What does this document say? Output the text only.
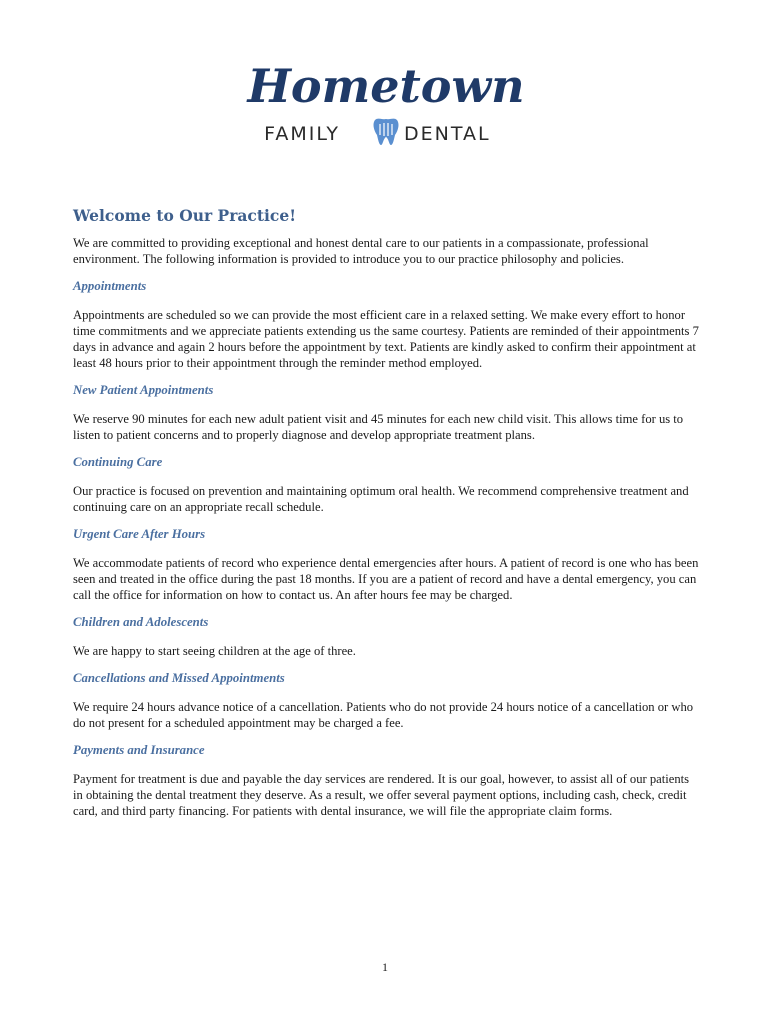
Hometown
FAMILY	DENTAL
Welcome to Our Practice!

We are committed to providing exceptional and honest dental care to our patients in a compassionate, professional environment. The following information is provided to introduce you to our practice philosophy and policies.

Appointments

Appointments are scheduled so we can provide the most efficient care in a relaxed setting. We make every effort to honor time commitments and we appreciate patients extending us the same courtesy. Patients are reminded of their appointments 7 days in advance and again 2 hours before the appointment by text. Patients are kindly asked to confirm their appointment at least 48 hours prior to their appointment through the reminder method employed.

New Patient Appointments

We reserve 90 minutes for each new adult patient visit and 45 minutes for each new child visit. This allows time for us to listen to patient concerns and to properly diagnose and develop appropriate treatment plans.

Continuing Care

Our practice is focused on prevention and maintaining optimum oral health. We recommend comprehensive treatment and continuing care on an appropriate recall schedule.

Urgent Care After Hours

We accommodate patients of record who experience dental emergencies after hours. A patient of record is one who has been seen and treated in the office during the past 18 months. If you are a patient of record and have a dental emergency, you can call the office for information on how to contact us. An after hours fee may be charged.

Children and Adolescents

We are happy to start seeing children at the age of three.

Cancellations and Missed Appointments

We require 24 hours advance notice of a cancellation. Patients who do not provide 24 hours notice of a cancellation or who do not present for a scheduled appointment may be charged a fee.

Payments and Insurance

Payment for treatment is due and payable the day services are rendered. It is our goal, however, to assist all of our patients in obtaining the dental treatment they deserve. As a result, we offer several payment options, including cash, check, credit card, and third party financing. For patients with dental insurance, we will file the appropriate claim forms.

1
